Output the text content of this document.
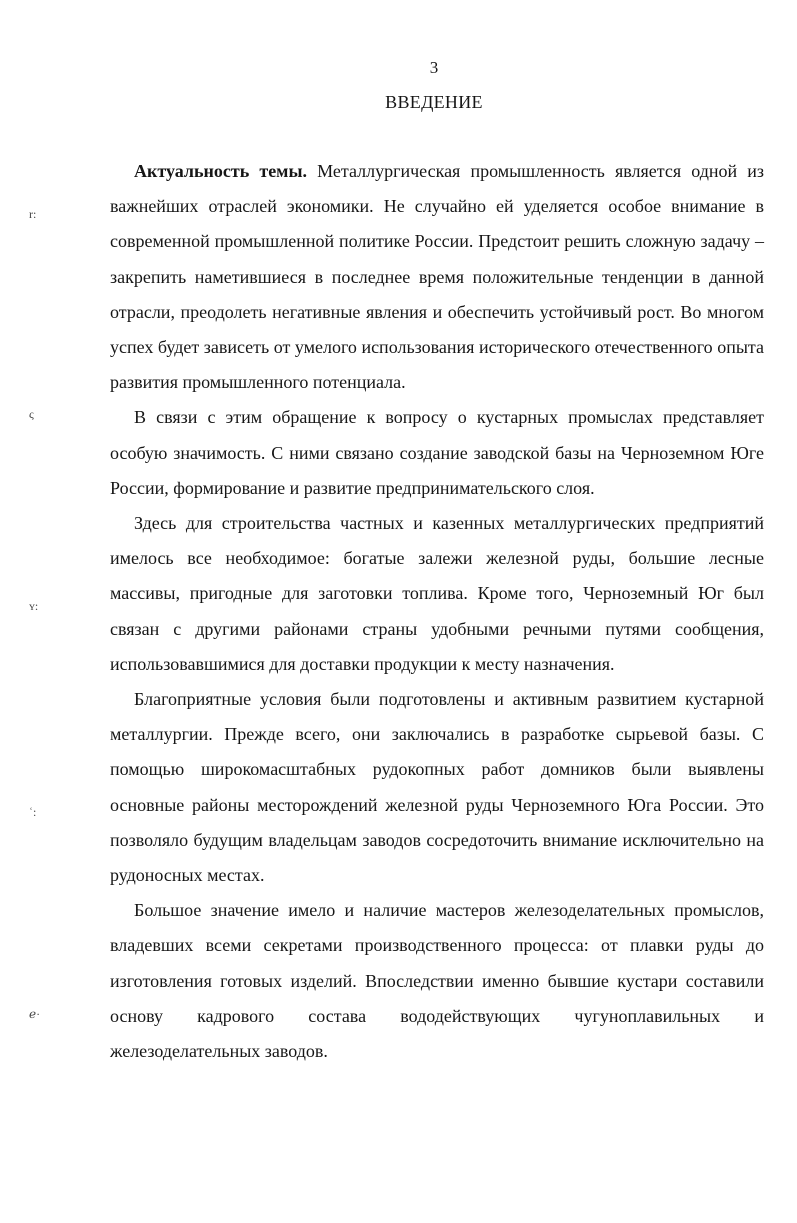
3
ВВЕДЕНИЕ
r:
ς
ʏ:
ʿ:
ℯ·

Актуальность темы. Металлургическая промышленность является одной из важнейших отраслей экономики. Не случайно ей уделяется особое внимание в современной промышленной политике России. Предстоит решить сложную задачу – закрепить наметившиеся в последнее время положительные тенденции в данной отрасли, преодолеть негативные явления и обеспечить устойчивый рост. Во многом успех будет зависеть от умелого использования исторического отечественного опыта развития промышленного потенциала.

В связи с этим обращение к вопросу о кустарных промыслах представляет особую значимость. С ними связано создание заводской базы на Черноземном Юге России, формирование и развитие предпринимательского слоя.

Здесь для строительства частных и казенных металлургических предприятий имелось все необходимое: богатые залежи железной руды, большие лесные массивы, пригодные для заготовки топлива. Кроме того, Черноземный Юг был связан с другими районами страны удобными речными путями сообщения, использовавшимися для доставки продукции к месту назначения.

Благоприятные условия были подготовлены и активным развитием кустарной металлургии. Прежде всего, они заключались в разработке сырьевой базы. С помощью широкомасштабных рудокопных работ домников были выявлены основные районы месторождений железной руды Черноземного Юга России. Это позволяло будущим владельцам заводов сосредоточить внимание исключительно на рудоносных местах.

Большое значение имело и наличие мастеров железоделательных промыслов, владевших всеми секретами производственного процесса: от плавки руды до изготовления готовых изделий. Впоследствии именно бывшие кустари составили основу кадрового состава вододействующих чугуноплавильных и железоделательных заводов.
